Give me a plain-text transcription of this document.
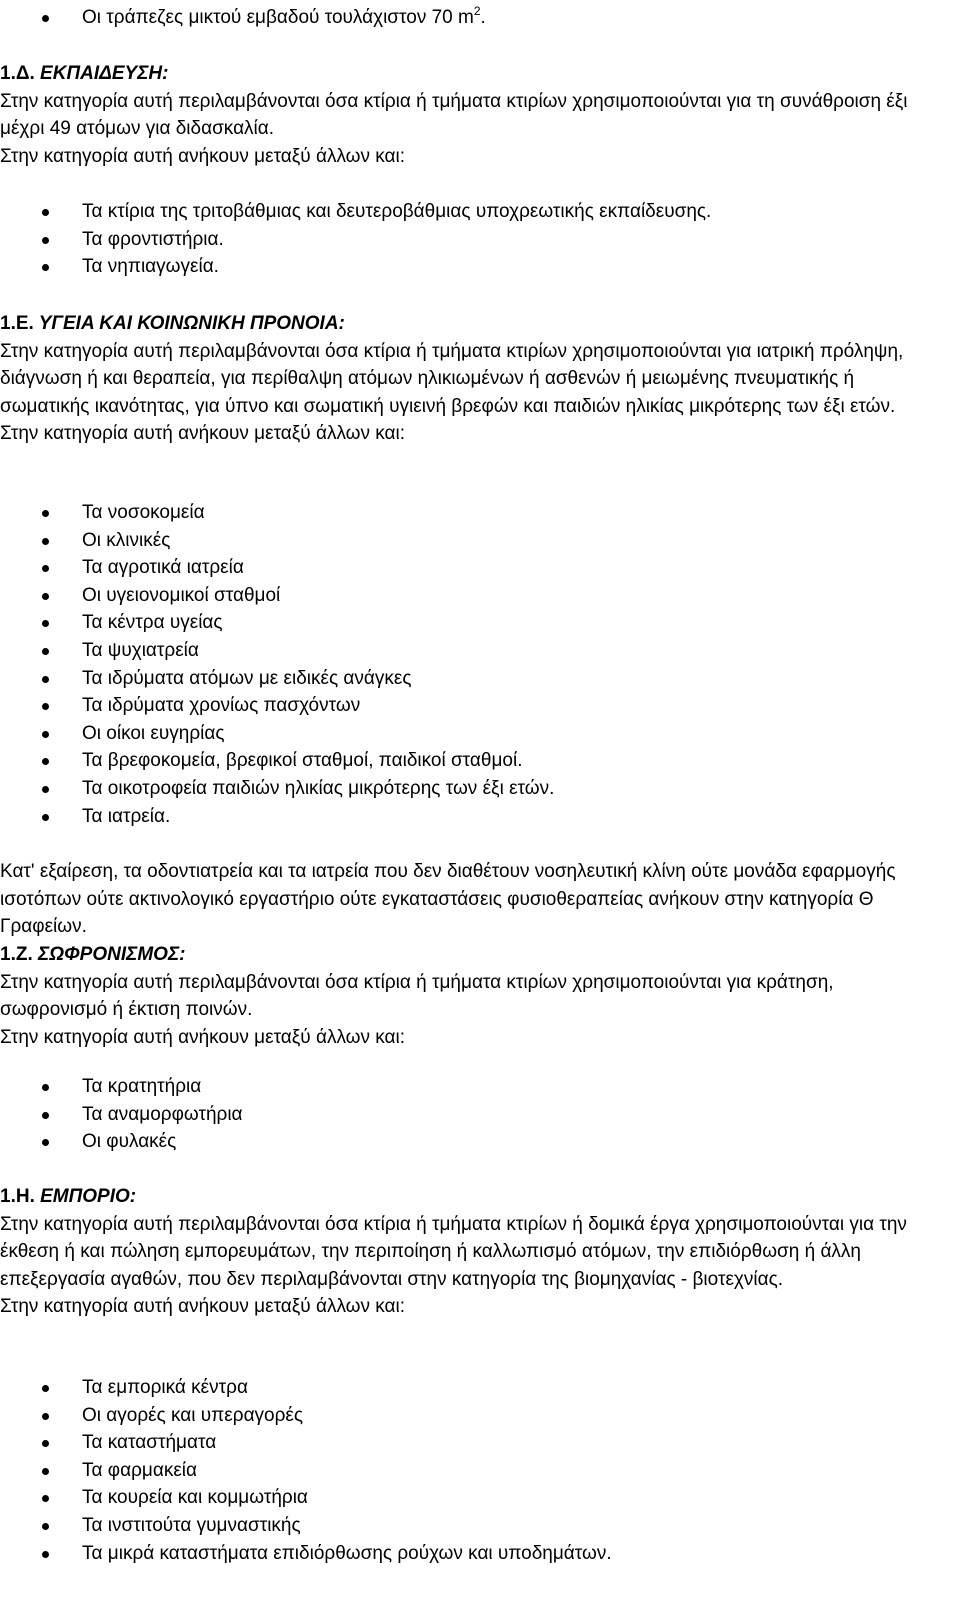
Οι τράπεζες μικτού εμβαδού τουλάχιστον 70 $m^2$.

1.Δ. ΕΚΠΑΙΔΕΥΣΗ:

Στην κατηγορία αυτή περιλαμβάνονται όσα κτίρια ή τμήματα κτιρίων χρησιμοποιούνται για τη συνάθροιση έξι μέχρι 49 ατόμων για διδασκαλία.

Στην κατηγορία αυτή ανήκουν μεταξύ άλλων και:

Τα κτίρια της τριτοβάθμιας και δευτεροβάθμιας υποχρεωτικής εκπαίδευσης.
Τα φροντιστήρια.
Τα νηπιαγωγεία.

1.Ε. ΥΓΕΙΑ ΚΑΙ ΚΟΙΝΩΝΙΚΗ ΠΡΟΝΟΙΑ:

Στην κατηγορία αυτή περιλαμβάνονται όσα κτίρια ή τμήματα κτιρίων χρησιμοποιούνται για ιατρική πρόληψη, διάγνωση ή και θεραπεία, για περίθαλψη ατόμων ηλικιωμένων ή ασθενών ή μειωμένης πνευματικής ή σωματικής ικανότητας, για ύπνο και σωματική υγιεινή βρεφών και παιδιών ηλικίας μικρότερης των έξι ετών.

Στην κατηγορία αυτή ανήκουν μεταξύ άλλων και:

Τα νοσοκομεία
Οι κλινικές
Τα αγροτικά ιατρεία
Οι υγειονομικοί σταθμοί
Τα κέντρα υγείας
Τα ψυχιατρεία
Τα ιδρύματα ατόμων με ειδικές ανάγκες
Τα ιδρύματα χρονίως πασχόντων
Οι οίκοι ευγηρίας
Τα βρεφοκομεία, βρεφικοί σταθμοί, παιδικοί σταθμοί.
Τα οικοτροφεία παιδιών ηλικίας μικρότερης των έξι ετών.
Τα ιατρεία.

Κατ' εξαίρεση, τα οδοντιατρεία και τα ιατρεία που δεν διαθέτουν νοσηλευτική κλίνη ούτε μονάδα εφαρμογής ισοτόπων ούτε ακτινολογικό εργαστήριο ούτε εγκαταστάσεις φυσιοθεραπείας ανήκουν στην κατηγορία Θ Γραφείων.

1.Ζ. ΣΩΦΡΟΝΙΣΜΟΣ:

Στην κατηγορία αυτή περιλαμβάνονται όσα κτίρια ή τμήματα κτιρίων χρησιμοποιούνται για κράτηση, σωφρονισμό ή έκτιση ποινών.

Στην κατηγορία αυτή ανήκουν μεταξύ άλλων και:

Τα κρατητήρια
Τα αναμορφωτήρια
Οι φυλακές

1.Η. ΕΜΠΟΡΙΟ:

Στην κατηγορία αυτή περιλαμβάνονται όσα κτίρια ή τμήματα κτιρίων ή δομικά έργα χρησιμοποιούνται για την έκθεση ή και πώληση εμπορευμάτων, την περιποίηση ή καλλωπισμό ατόμων, την επιδιόρθωση ή άλλη επεξεργασία αγαθών, που δεν περιλαμβάνονται στην κατηγορία της βιομηχανίας - βιοτεχνίας.

Στην κατηγορία αυτή ανήκουν μεταξύ άλλων και:

Τα εμπορικά κέντρα
Οι αγορές και υπεραγορές
Τα καταστήματα
Τα φαρμακεία
Τα κουρεία και κομμωτήρια
Τα ινστιτούτα γυμναστικής
Τα μικρά καταστήματα επιδιόρθωσης ρούχων και υποδημάτων.
